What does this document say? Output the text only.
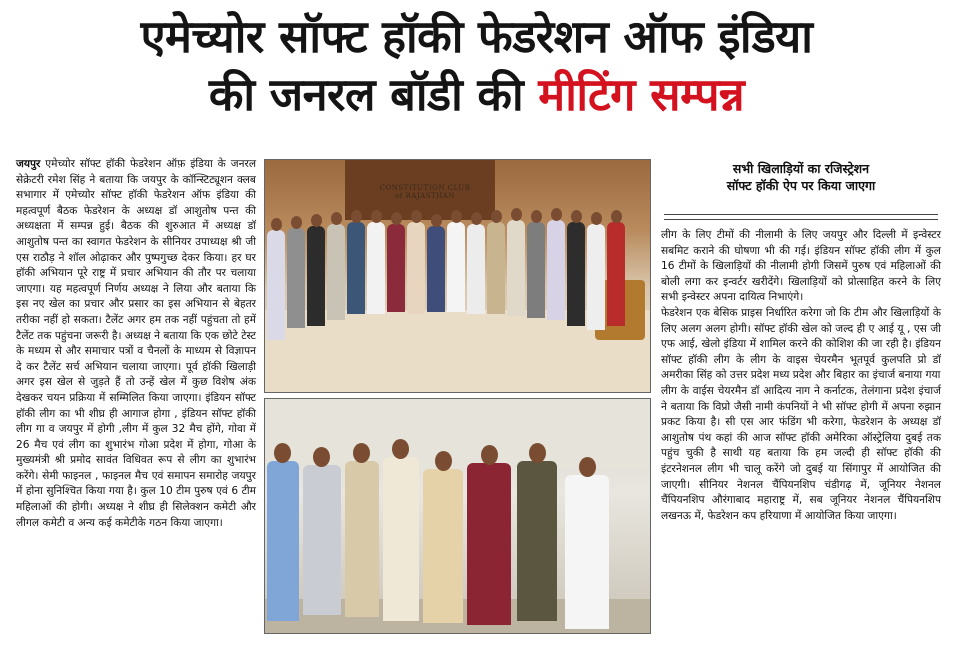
एमेच्योर सॉफ्ट हॉकी फेडरेशन ऑफ इंडिया
की जनरल बॉडी की मीटिंग सम्पन्न

जयपुर एमेच्योर सॉफ्ट हॉकी फेडरेशन ऑफ़ इंडिया के जनरल सेक्रेटरी रमेश सिंह ने बताया कि जयपुर के कॉन्स्टिट्यूशन क्लब सभागार में एमेच्योर सॉफ्ट हॉकी फेडरेशन ऑफ इंडिया की महत्वपूर्ण बैठक फेडरेशन के अध्यक्ष डॉ आशुतोष पन्त की अध्यक्षता में सम्पन्न हुई। बैठक की शुरुआत में अध्यक्ष डॉ आशुतोष पन्त का स्वागत फेडरेशन के सीनियर उपाध्यक्ष श्री जी एस राठौड़ ने शॉल ओढ़ाकर और पुष्पगुच्छ देकर किया। हर घर हॉकी अभियान पूरे राष्ट्र में प्रचार अभियान की तौर पर चलाया जाएगा। यह महत्वपूर्ण निर्णय अध्यक्ष ने लिया और बताया कि इस नए खेल का प्रचार और प्रसार का इस अभियान से बेहतर तरीका नहीं हो सकता। टैलेंट अगर हम तक नहीं पहुंचता तो हमें टैलेंट तक पहुंचना जरूरी है। अध्यक्ष ने बताया कि एक छोटे टेस्ट के मध्यम से और समाचार पत्रों व चैनलों के माध्यम से विज्ञापन दे कर टैलेंट सर्च अभियान चलाया जाएगा। पूर्व हॉकी खिलाड़ी अगर इस खेल से जुड़ते हैं तो उन्हें खेल में कुछ विशेष अंक देखकर चयन प्रक्रिया में सम्मिलित किया जाएगा। इंडियन सॉफ्ट हॉकी लीग का भी शीघ्र ही आगाज होगा , इंडियन सॉफ्ट हॉकी लीग गा व जयपुर में होगी ,लीग में कुल 32 मैच होंगे, गोवा में 26 मैच एवं लीग का शुभारंभ गोआ प्रदेश में होगा, गोआ के मुख्यमंत्री श्री प्रमोद सावंत विधिवत रूप से लीग का शुभारंभ करेंगे। सेमी फाइनल , फाइनल मैच एवं समापन समारोह जयपुर में होना सुनिश्चित किया गया है। कुल 10 टीम पुरुष एवं 6 टीम महिलाओं की होगी। अध्यक्ष ने शीघ्र ही सिलेक्शन कमेटी और लीगल कमेटी व अन्य कई कमेटीके गठन किया जाएगा।

CONSTITUTION CLUB of RAJASTHAN
सभी खिलाड़ियों का रजिस्ट्रेशन
सॉफ्ट हॉकी ऐप पर किया जाएगा

लीग के लिए टीमों की नीलामी के लिए जयपुर और दिल्ली में इन्वेस्टर सबमिट कराने की घोषणा भी की गई। इंडियन सॉफ्ट हॉकी लीग में कुल 16 टीमों के खिलाड़ियों की नीलामी होगी जिसमें पुरुष एवं महिलाओं की बोली लगा कर इन्वर्टर खरीदेंगे। खिलाड़ियों को प्रोत्साहित करने के लिए सभी इन्वेस्टर अपना दायित्व निभाएंगे।

फेडरेशन एक बेसिक प्राइस निर्धारित करेगा जो कि टीम और खिलाड़ियों के लिए अलग अलग होगी। सॉफ्ट हॉकी खेल को जल्द ही ए आई यू , एस जी एफ आई, खेलो इंडिया में शामिल करने की कोशिश की जा रही है। इंडियन सॉफ्ट हॉकी लीग के लीग के वाइस चेयरमैन भूतपूर्व कुलपति प्रो डॉ अमरीका सिंह को उत्तर प्रदेश मध्य प्रदेश और बिहार का इंचार्ज बनाया गया

लीग के वाईस चेयरमैन डॉ आदित्य नाग ने कर्नाटक, तेलंगाना प्रदेश इंचार्ज ने बताया कि विप्रो जैसी नामी कंपनियों ने भी सॉफ्ट होगी में अपना रुझान प्रकट किया है। सी एस आर फंडिंग भी करेगा, फेडरेशन के अध्यक्ष डॉ आशुतोष पंथ कहां की आज सॉफ्ट हॉकी अमेरिका ऑस्ट्रेलिया दुबई तक पहुंच चुकी है साथी यह बताया कि हम जल्दी ही सॉफ्ट हॉकी की इंटरनेशनल लीग भी चालू करेंगे जो दुबई या सिंगापुर में आयोजित की जाएगी। सीनियर नेशनल चैंपियनशिप चंडीगढ़ में, जूनियर नेशनल चैंपियनशिप औरंगाबाद महाराष्ट्र में, सब जूनियर नेशनल चैंपियनशिप लखनऊ में, फेडरेशन कप हरियाणा में आयोजित किया जाएगा।
